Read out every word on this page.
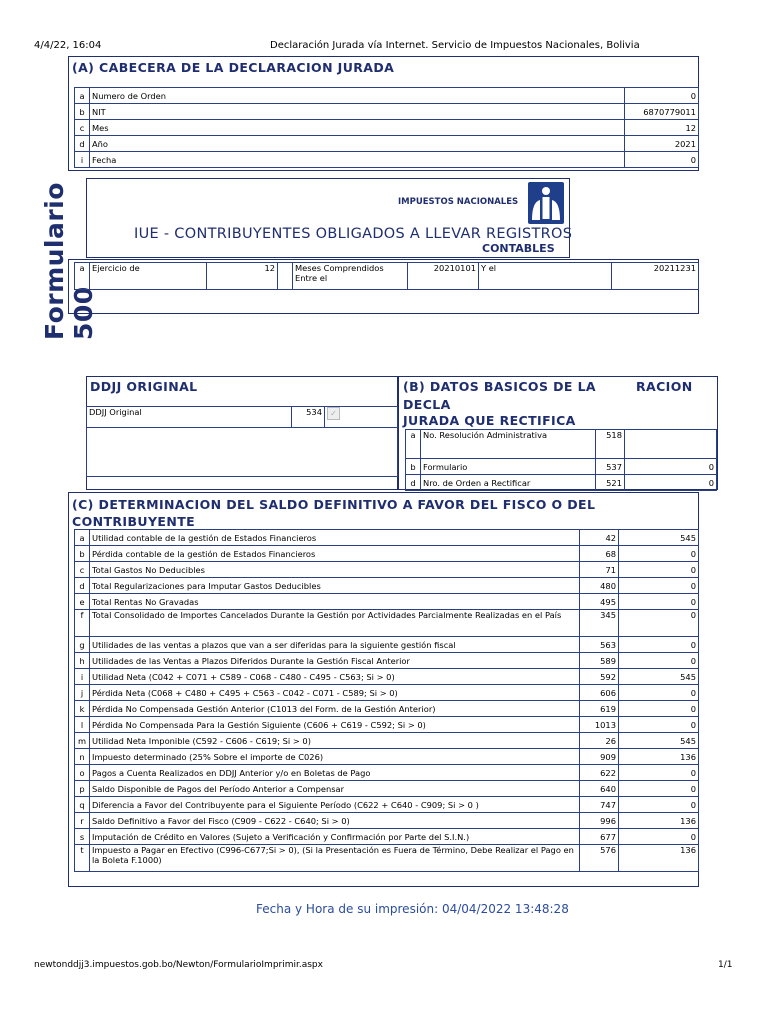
4/4/22, 16:04	Declaración Jurada vía Internet. Servicio de Impuestos Nacionales, Bolivia
Formulario 500
(A) CABECERA DE LA DECLARACION JURADA
a	Numero de Orden	0
b	NIT	6870779011
c	Mes	12
d	Año	2021
i	Fecha	0
IMPUESTOS NACIONALES
IUE - CONTRIBUYENTES OBLIGADOS A LLEVAR REGISTROS
CONTABLES
a	Ejercicio de	12		Meses Comprendidos Entre el	20210101	Y el	20211231
DDJJ ORIGINAL
DDJJ Original	534	✓

(B) DATOS BASICOS DE LA	RACION
DECLA
JURADA QUE RECTIFICA
a	No. Resolución Administrativa	518	
b	Formulario	537	0
d	Nro. de Orden a Rectificar	521	0
(C) DETERMINACION DEL SALDO DEFINITIVO A FAVOR DEL FISCO O DEL CONTRIBUYENTE
a	Utilidad contable de la gestión de Estados Financieros	42	545
b	Pérdida contable de la gestión de Estados Financieros	68	0
c	Total Gastos No Deducibles	71	0
d	Total Regularizaciones para Imputar Gastos Deducibles	480	0
e	Total Rentas No Gravadas	495	0
f	Total Consolidado de Importes Cancelados Durante la Gestión por Actividades Parcialmente Realizadas en el País	345	0
g	Utilidades de las ventas a plazos que van a ser diferidas para la siguiente gestión fiscal	563	0
h	Utilidades de las Ventas a Plazos Diferidos Durante la Gestión Fiscal Anterior	589	0
i	Utilidad Neta (C042 + C071 + C589 - C068 - C480 - C495 - C563; Si > 0)	592	545
j	Pérdida Neta (C068 + C480 + C495 + C563 - C042 - C071 - C589; Si > 0)	606	0
k	Pérdida No Compensada Gestión Anterior (C1013 del Form. de la Gestión Anterior)	619	0
l	Pérdida No Compensada Para la Gestión Siguiente (C606 + C619 - C592; Si > 0)	1013	0
m	Utilidad Neta Imponible (C592 - C606 - C619; Si > 0)	26	545
n	Impuesto determinado (25% Sobre el importe de C026)	909	136
o	Pagos a Cuenta Realizados en DDJJ Anterior y/o en Boletas de Pago	622	0
p	Saldo Disponible de Pagos del Período Anterior a Compensar	640	0
q	Diferencia a Favor del Contribuyente para el Siguiente Período (C622 + C640 - C909; Si > 0 )	747	0
r	Saldo Definitivo a Favor del Fisco (C909 - C622 - C640; Si > 0)	996	136
s	Imputación de Crédito en Valores (Sujeto a Verificación y Confirmación por Parte del S.I.N.)	677	0
t	Impuesto a Pagar en Efectivo (C996-C677;Si > 0), (Si la Presentación es Fuera de Término, Debe Realizar el Pago en la Boleta F.1000)	576	136
Fecha y Hora de su impresión: 04/04/2022 13:48:28
newtonddjj3.impuestos.gob.bo/Newton/FormularioImprimir.aspx	1/1
